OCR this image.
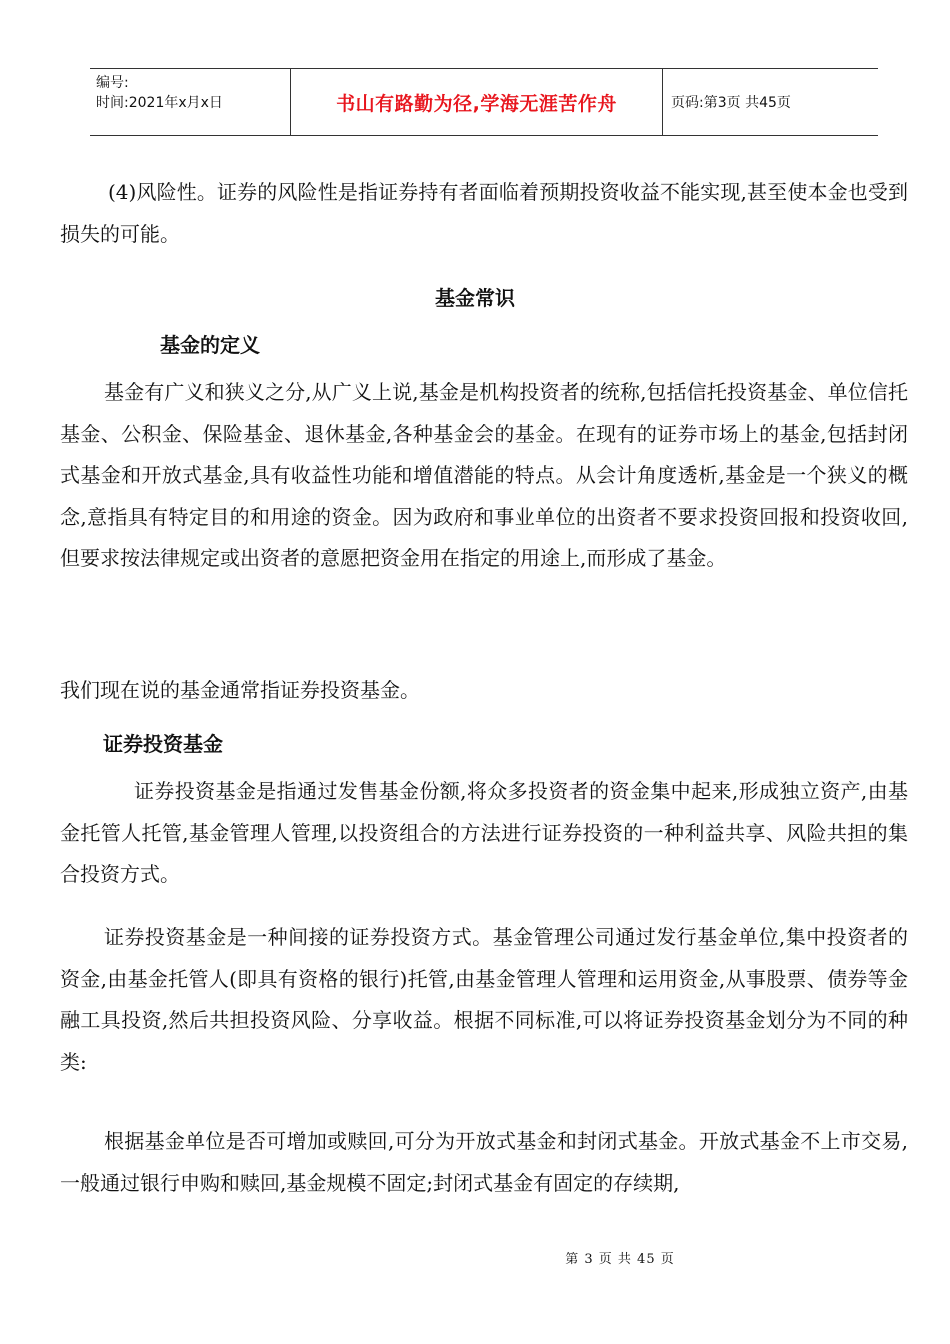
编号:
时间:2021年x月x日	书山有路勤为径,学海无涯苦作舟	页码:第3页 共45页

(4)风险性。证券的风险性是指证券持有者面临着预期投资收益不能实现,甚至使本金也受到损失的可能。

基金常识
基金的定义

基金有广义和狭义之分,从广义上说,基金是机构投资者的统称,包括信托投资基金、单位信托基金、公积金、保险基金、退休基金,各种基金会的基金。在现有的证券市场上的基金,包括封闭式基金和开放式基金,具有收益性功能和增值潜能的特点。从会计角度透析,基金是一个狭义的概念,意指具有特定目的和用途的资金。因为政府和事业单位的出资者不要求投资回报和投资收回,但要求按法律规定或出资者的意愿把资金用在指定的用途上,而形成了基金。

我们现在说的基金通常指证券投资基金。

证券投资基金

证券投资基金是指通过发售基金份额,将众多投资者的资金集中起来,形成独立资产,由基金托管人托管,基金管理人管理,以投资组合的方法进行证券投资的一种利益共享、风险共担的集合投资方式。

证券投资基金是一种间接的证券投资方式。基金管理公司通过发行基金单位,集中投资者的资金,由基金托管人(即具有资格的银行)托管,由基金管理人管理和运用资金,从事股票、债券等金融工具投资,然后共担投资风险、分享收益。根据不同标准,可以将证券投资基金划分为不同的种类:

根据基金单位是否可增加或赎回,可分为开放式基金和封闭式基金。开放式基金不上市交易,一般通过银行申购和赎回,基金规模不固定;封闭式基金有固定的存续期,

第 3 页 共 45 页
